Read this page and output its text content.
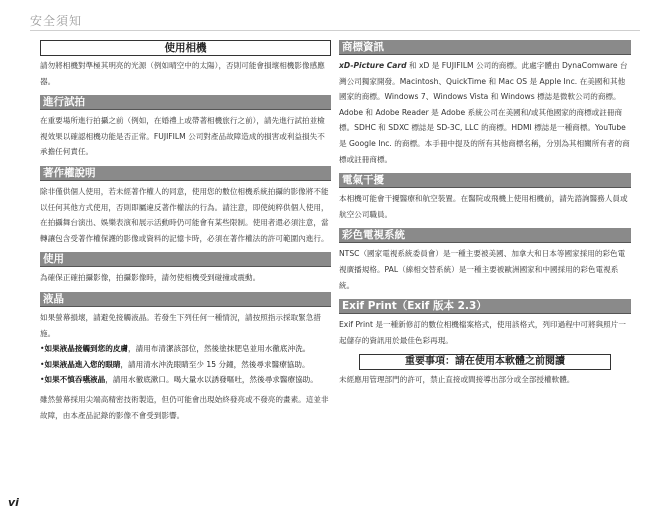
安全須知
使用相機

請勿將相機對準極其明亮的光源（例如晴空中的太陽），否則可能會損壞相機影像感應器。

進行試拍

在重要場所進行拍攝之前（例如，在婚禮上或帶著相機旅行之前），請先進行試拍並檢視效果以確認相機功能是否正常。FUJIFILM 公司對產品故障造成的損害或利益損失不承擔任何責任。

著作權說明

除非僅供個人使用，若未經著作權人的同意，使用您的數位相機系統拍攝的影像將不能以任何其他方式使用，否則即屬違反著作權法的行為。請注意，即使純粹供個人使用，在拍攝舞台演出、娛樂表演和展示活動時仍可能會有某些限制。使用者還必須注意，當轉讓包含受著作權保護的影像或資料的記憶卡時，必須在著作權法的許可範圍內進行。

使用

為確保正確拍攝影像，拍攝影像時，請勿使相機受到碰撞或震動。

液晶

如果螢幕損壞，請避免接觸液晶。若發生下列任何一種情況，請按照指示採取緊急措施。

•如果液晶接觸到您的皮膚，請用布清潔該部位，然後塗抹肥皂並用水徹底沖洗。
•如果液晶進入您的眼睛，請用清水沖洗眼睛至少 15 分鐘，然後尋求醫療協助。
•如果不慎吞嚥液晶，請用水徹底漱口。喝大量水以誘發嘔吐，然後尋求醫療協助。

雖然螢幕採用尖端高精密技術製造，但仍可能會出現始終發亮或不發亮的畫素。這並非故障，由本產品記錄的影像不會受到影響。

商標資訊

xD-Picture Card 和 xD 是 FUJIFILM 公司的商標。此處字體由 DynaComware 台灣公司獨家開發。Macintosh、QuickTime 和 Mac OS 是 Apple Inc. 在美國和其他國家的商標。Windows 7、Windows Vista 和 Windows 標誌是微軟公司的商標。Adobe 和 Adobe Reader 是 Adobe 系統公司在美國和/或其他國家的商標或註冊商標。SDHC 和 SDXC 標誌是 SD-3C, LLC 的商標。HDMI 標誌是一種商標。YouTube 是 Google Inc. 的商標。本手冊中提及的所有其他商標名稱，分別為其相關所有者的商標或註冊商標。

電氣干擾

本相機可能會干擾醫療和航空裝置。在醫院或飛機上使用相機前，請先諮詢醫務人員或航空公司職員。

彩色電視系統

NTSC（國家電視系統委員會）是一種主要被美國、加拿大和日本等國家採用的彩色電視廣播規格。PAL（線相交替系統）是一種主要被歐洲國家和中國採用的彩色電視系統。

Exif Print（Exif 版本 2.3）

Exif Print 是一種新修訂的數位相機檔案格式，使用該格式，列印過程中可將與照片一起儲存的資訊用於最佳色彩再現。

重要事項：請在使用本軟體之前閱讀

未經應用管理部門的許可，禁止直接或間接導出部分或全部授權軟體。

vi
